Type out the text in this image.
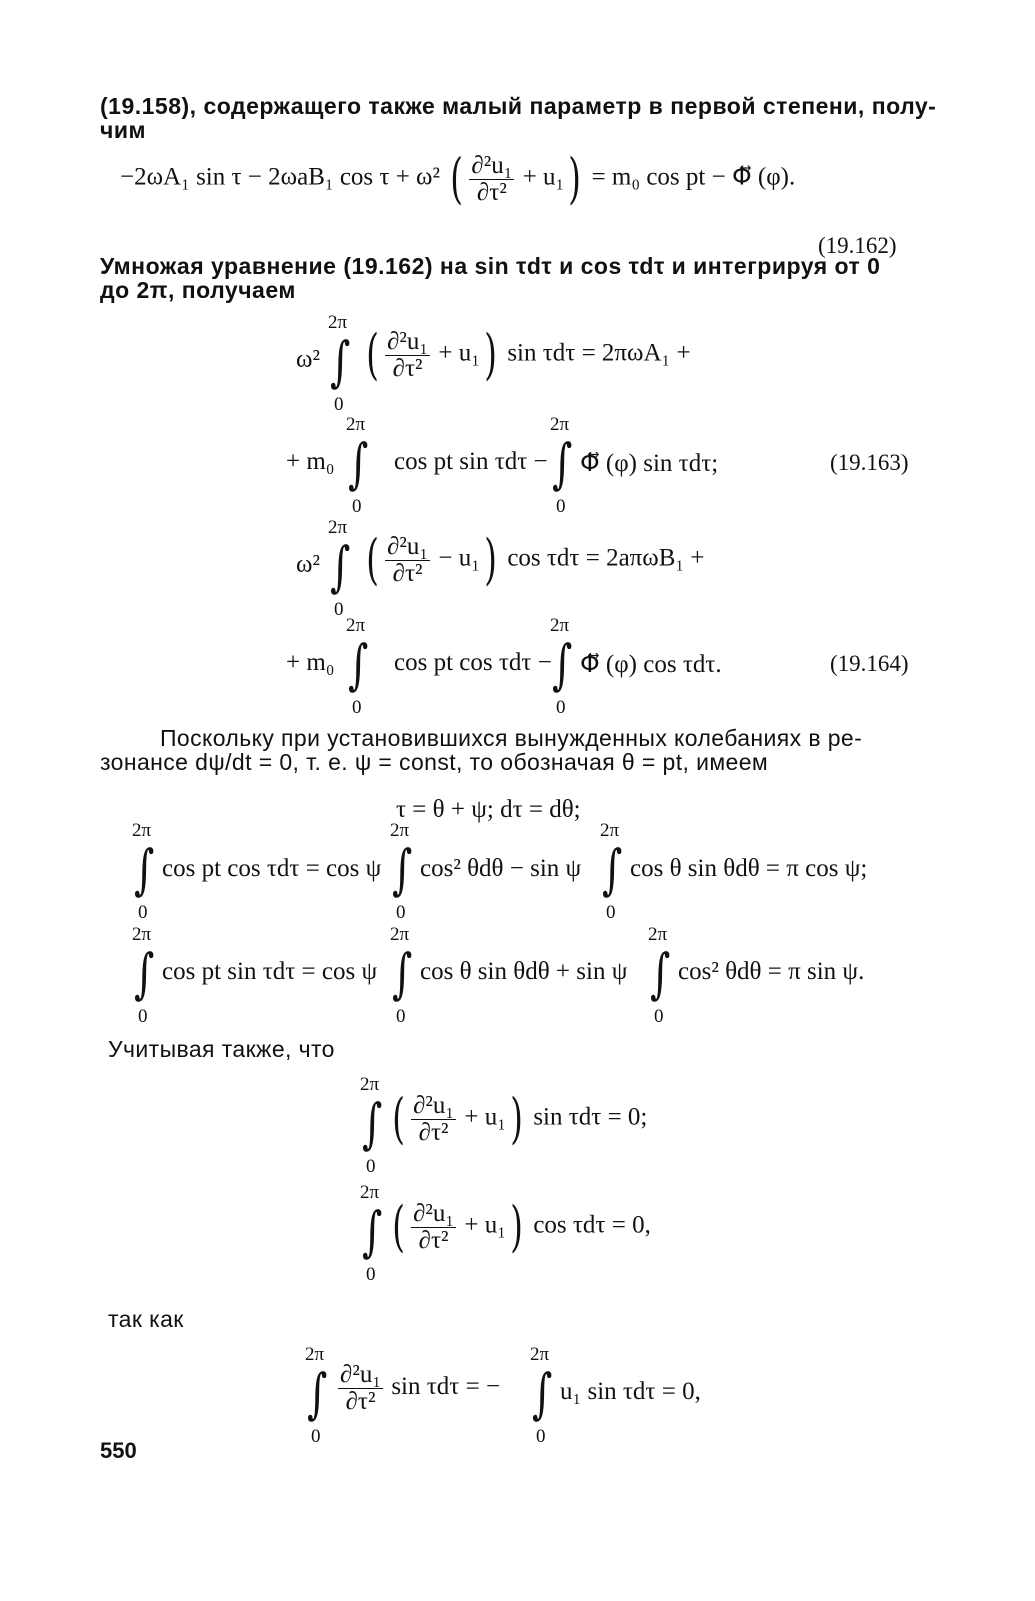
(19.158), содержащего также малый параметр в первой степени, полу-
чим
−2ωA₁ sin τ − 2ωaB₁ cos τ + ω² ( $\frac{\text{∂²u₁}}{\text{∂τ²}} + u_1) = m_0$ cos pt − Φ⃡ (φ).
(19.162)
Умножая уравнение (19.162) на sin τdτ и cos τdτ и интегрируя от 0
до 2π, получаем
ω²
2π
∫
0
( $\frac{\text{∂²u₁}}{\text{∂τ²}} + u_1$) sin τdτ = 2πωA₁ +
+ m₀
2π
∫
0
cos pt sin τdτ −
2π
∫
0
Φ⃡ (φ) sin τdτ;	(19.163)
ω²
2π
∫
0
( $\frac{\text{∂²u₁}}{\text{∂τ²}} - u_1$) cos τdτ = 2aπωB₁ +
+ m₀
2π
∫
0
cos pt cos τdτ −
2π
∫
0
Φ⃡ (φ) cos τdτ.	(19.164)
Поскольку при установившихся вынужденных колебаниях в ре-
зонансе dψ/dt = 0, т. е. ψ = const, то обозначая θ = pt, имеем
τ = θ + ψ; dτ = dθ;
2π
∫
0
cos pt cos τdτ = cos ψ
2π
∫
0
cos² θdθ − sin ψ
2π
∫
0
cos θ sin θdθ = π cos ψ;
2π
∫
0
cos pt sin τdτ = cos ψ
2π
∫
0
cos θ sin θdθ + sin ψ
2π
∫
0
cos² θdθ = π sin ψ.
Учитывая также, что
2π
∫
0
( $\frac{\text{∂²u₁}}{\text{∂τ²}} + u_1$) sin τdτ = 0;
2π
∫
0
( $\frac{\text{∂²u₁}}{\text{∂τ²}} + u_1$) cos τdτ = 0,
так как
2π
∫
0
$\frac{\text{∂²u₁}}{\text{∂τ²}}$ sin τdτ = −
2π
∫
0
u₁ sin τdτ = 0,
550
